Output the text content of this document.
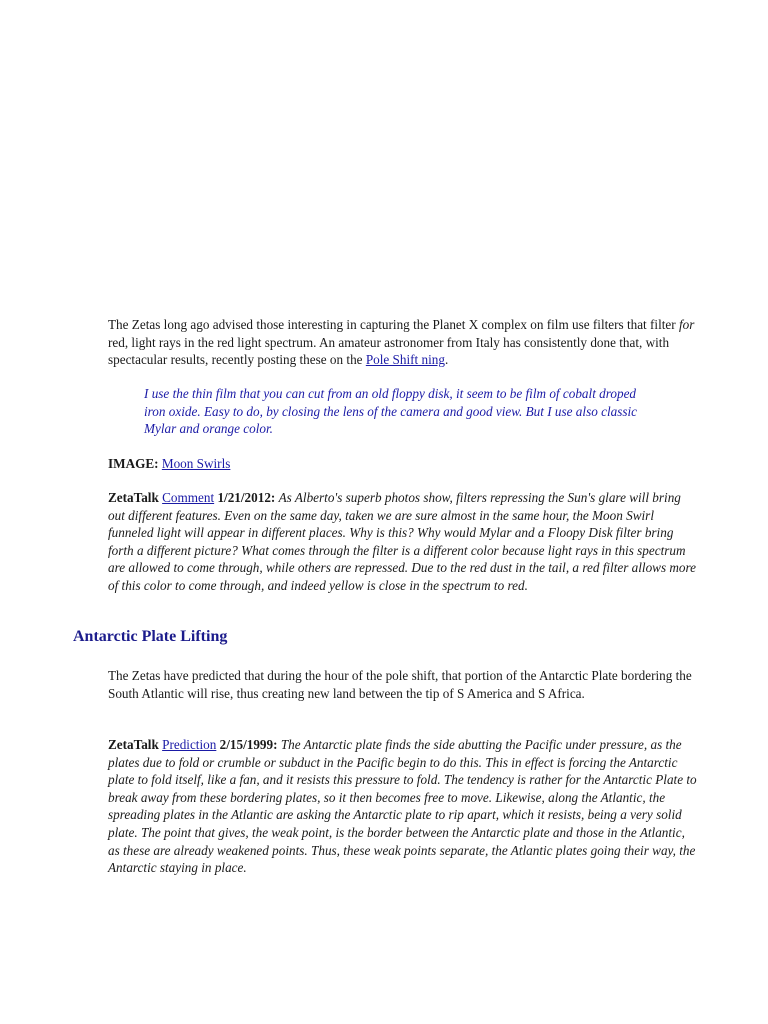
The Zetas long ago advised those interesting in capturing the Planet X complex on film use filters that filter for red, light rays in the red light spectrum. An amateur astronomer from Italy has consistently done that, with spectacular results, recently posting these on the Pole Shift ning.

I use the thin film that you can cut from an old floppy disk, it seem to be film of cobalt droped iron oxide. Easy to do, by closing the lens of the camera and good view. But I use also classic Mylar and orange color.

IMAGE: Moon Swirls

ZetaTalk Comment 1/21/2012: As Alberto's superb photos show, filters repressing the Sun's glare will bring out different features. Even on the same day, taken we are sure almost in the same hour, the Moon Swirl funneled light will appear in different places. Why is this? Why would Mylar and a Floopy Disk filter bring forth a different picture? What comes through the filter is a different color because light rays in this spectrum are allowed to come through, while others are repressed. Due to the red dust in the tail, a red filter allows more of this color to come through, and indeed yellow is close in the spectrum to red.

Antarctic Plate Lifting

The Zetas have predicted that during the hour of the pole shift, that portion of the Antarctic Plate bordering the South Atlantic will rise, thus creating new land between the tip of S America and S Africa.

ZetaTalk Prediction 2/15/1999: The Antarctic plate finds the side abutting the Pacific under pressure, as the plates due to fold or crumble or subduct in the Pacific begin to do this. This in effect is forcing the Antarctic plate to fold itself, like a fan, and it resists this pressure to fold. The tendency is rather for the Antarctic Plate to break away from these bordering plates, so it then becomes free to move. Likewise, along the Atlantic, the spreading plates in the Atlantic are asking the Antarctic plate to rip apart, which it resists, being a very solid plate. The point that gives, the weak point, is the border between the Antarctic plate and those in the Atlantic, as these are already weakened points. Thus, these weak points separate, the Atlantic plates going their way, the Antarctic staying in place.
